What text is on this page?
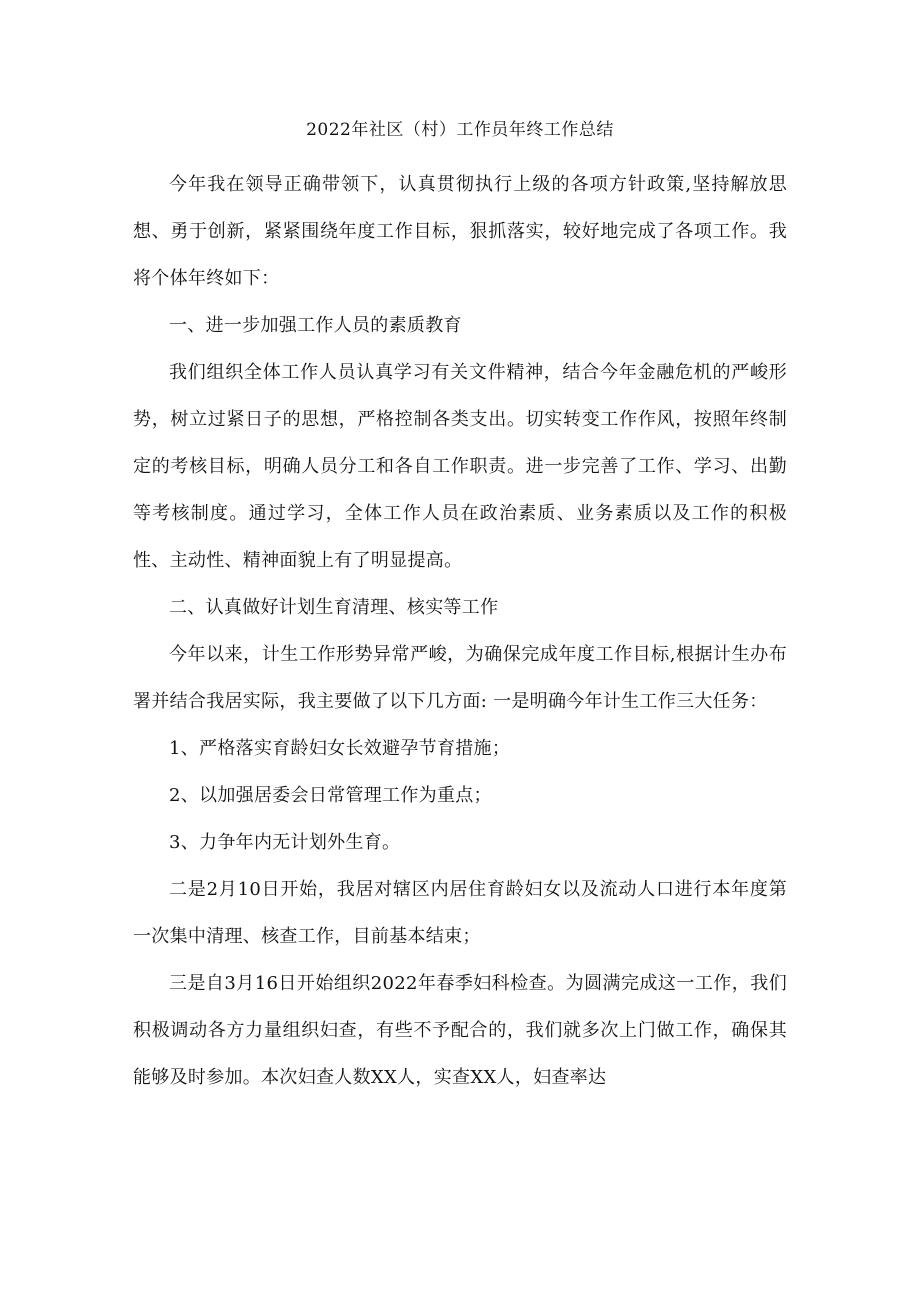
2022年社区（村）工作员年终工作总结

今年我在领导正确带领下，认真贯彻执行上级的各项方针政策,坚持解放思想、勇于创新，紧紧围绕年度工作目标，狠抓落实，较好地完成了各项工作。我将个体年终如下：

一、进一步加强工作人员的素质教育

我们组织全体工作人员认真学习有关文件精神，结合今年金融危机的严峻形势，树立过紧日子的思想，严格控制各类支出。切实转变工作作风，按照年终制定的考核目标，明确人员分工和各自工作职责。进一步完善了工作、学习、出勤等考核制度。通过学习，全体工作人员在政治素质、业务素质以及工作的积极性、主动性、精神面貌上有了明显提高。

二、认真做好计划生育清理、核实等工作

今年以来，计生工作形势异常严峻，为确保完成年度工作目标,根据计生办布署并结合我居实际，我主要做了以下几方面: 一是明确今年计生工作三大任务：

1、严格落实育龄妇女长效避孕节育措施；

2、以加强居委会日常管理工作为重点；

3、力争年内无计划外生育。

二是2月10日开始，我居对辖区内居住育龄妇女以及流动人口进行本年度第一次集中清理、核查工作，目前基本结束；

三是自3月16日开始组织2022年春季妇科检查。为圆满完成这一工作，我们积极调动各方力量组织妇查，有些不予配合的，我们就多次上门做工作，确保其能够及时参加。本次妇查人数XX人，实查XX人，妇查率达
